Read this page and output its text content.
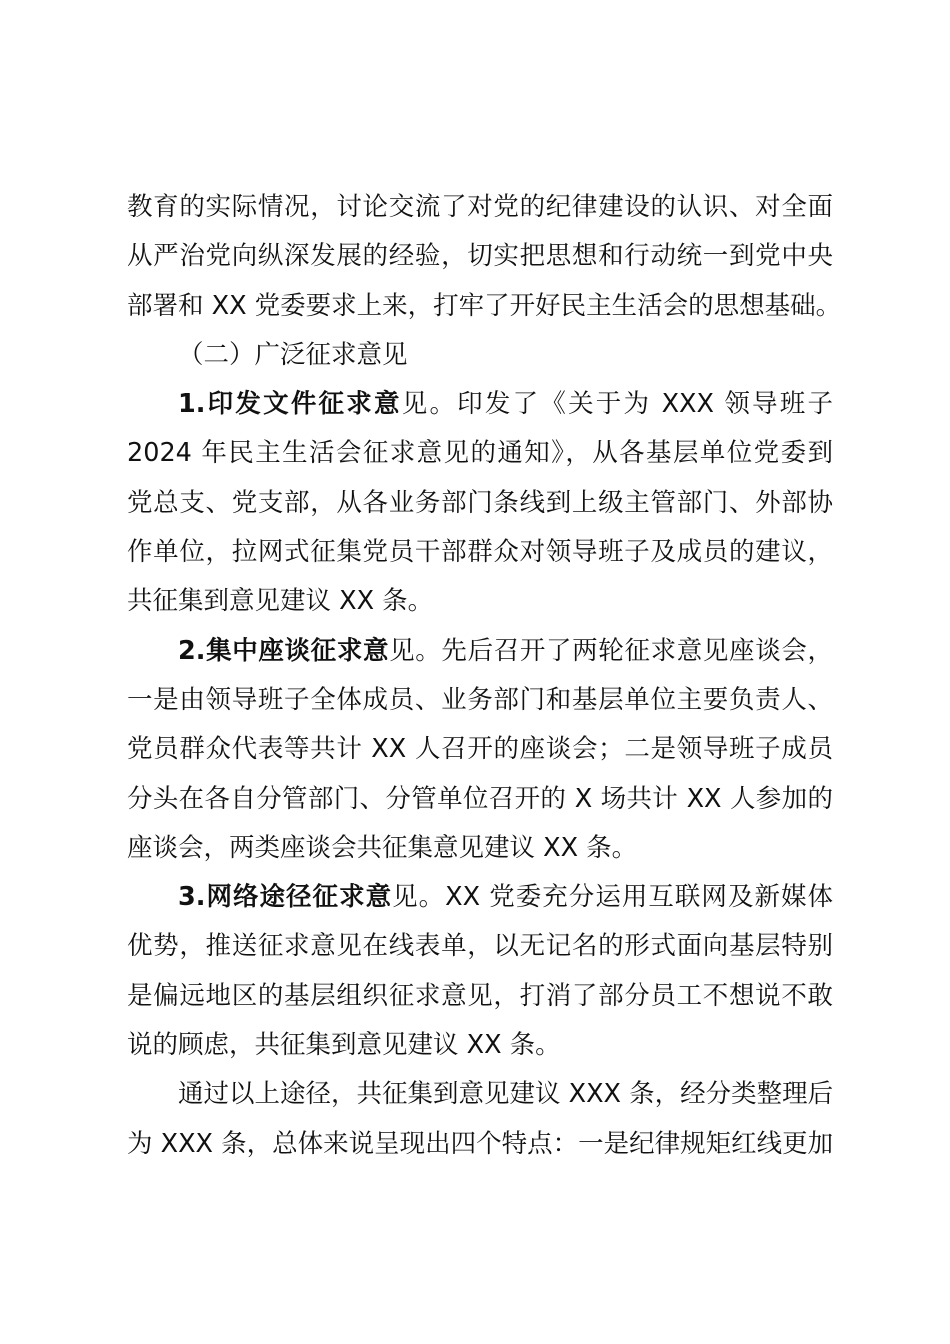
教育的实际情况，讨论交流了对党的纪律建设的认识、对全面
从严治党向纵深发展的经验，切实把思想和行动统一到党中央
部署和 XX 党委要求上来，打牢了开好民主生活会的思想基础。
（二）广泛征求意见
1.印发文件征求意见。印发了《关于为 XXX 领导班子
2024 年民主生活会征求意见的通知》，从各基层单位党委到
党总支、党支部，从各业务部门条线到上级主管部门、外部协
作单位，拉网式征集党员干部群众对领导班子及成员的建议，
共征集到意见建议 XX 条。
2.集中座谈征求意见。先后召开了两轮征求意见座谈会，
一是由领导班子全体成员、业务部门和基层单位主要负责人、
党员群众代表等共计 XX 人召开的座谈会；二是领导班子成员
分头在各自分管部门、分管单位召开的 X 场共计 XX 人参加的
座谈会，两类座谈会共征集意见建议 XX 条。
3.网络途径征求意见。XX 党委充分运用互联网及新媒体
优势，推送征求意见在线表单，以无记名的形式面向基层特别
是偏远地区的基层组织征求意见，打消了部分员工不想说不敢
说的顾虑，共征集到意见建议 XX 条。
通过以上途径，共征集到意见建议 XXX 条，经分类整理后
为 XXX 条，总体来说呈现出四个特点：一是纪律规矩红线更加
